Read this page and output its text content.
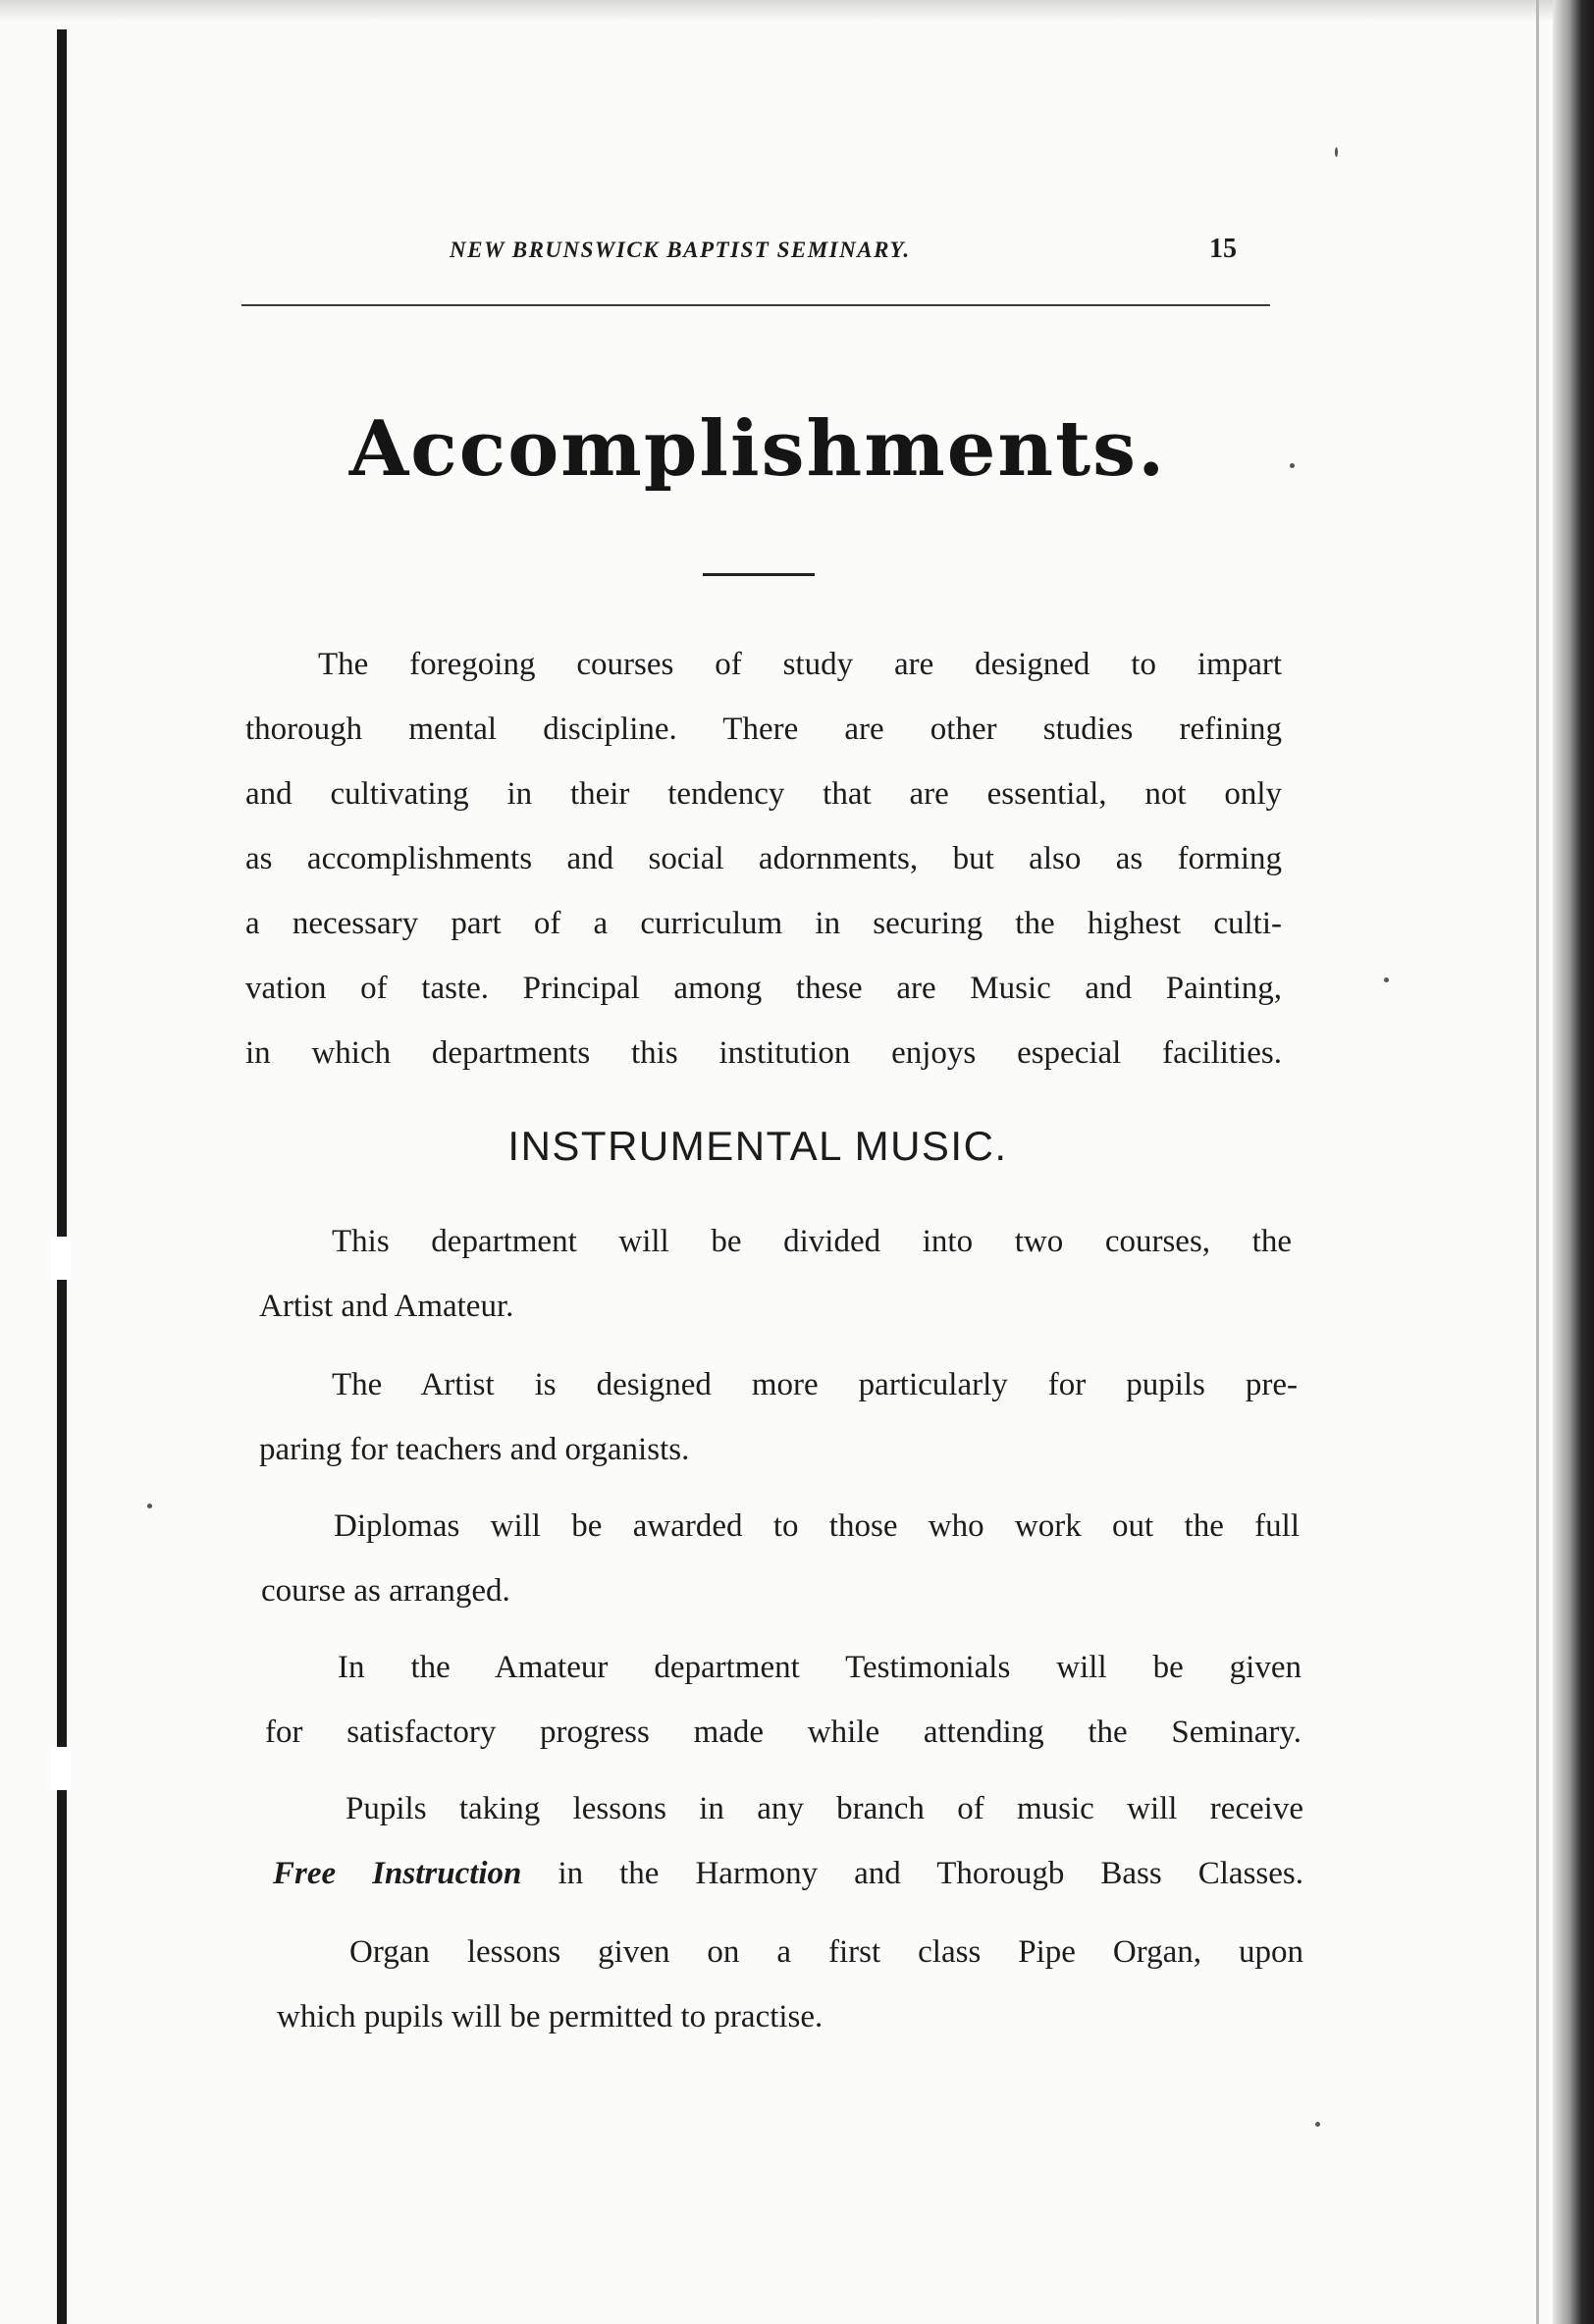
NEW BRUNSWICK BAPTIST SEMINARY.	15
Accomplishments.
The foregoing courses of study are designed to impart
thorough mental discipline. There are other studies refining
and cultivating in their tendency that are essential, not only
as accomplishments and social adornments, but also as forming
a necessary part of a curriculum in securing the highest culti-
vation of taste. Principal among these are Music and Painting,
in which departments this institution enjoys especial facilities.
INSTRUMENTAL MUSIC.
This department will be divided into two courses, the
Artist and Amateur.
The Artist is designed more particularly for pupils pre-
paring for teachers and organists.
Diplomas will be awarded to those who work out the full
course as arranged.
In the Amateur department Testimonials will be given
for satisfactory progress made while attending the Seminary.
Pupils taking lessons in any branch of music will receive
Free Instruction in the Harmony and Thorougb Bass Classes.
Organ lessons given on a first class Pipe Organ, upon
which pupils will be permitted to practise.
